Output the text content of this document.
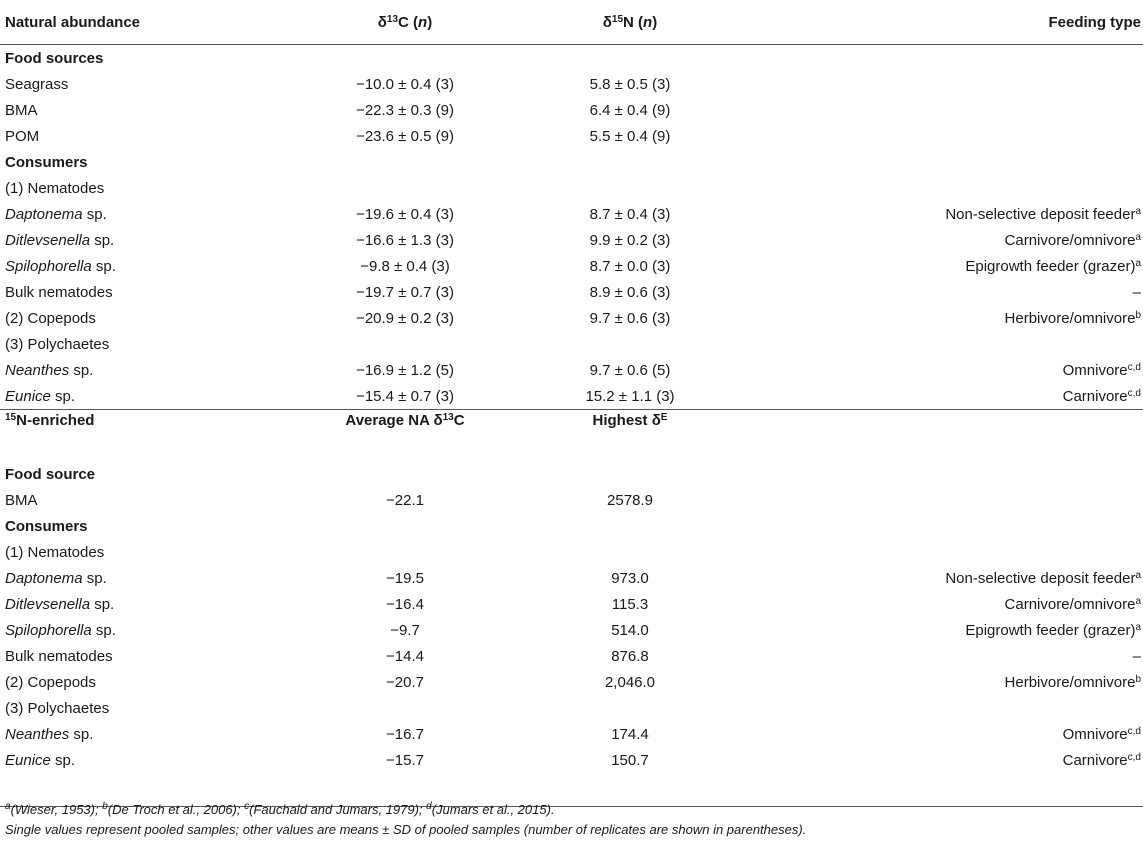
Natural abundance	$\delta^{13}C$ (n)	$\delta^{15}N$ (n)	Feeding type
Food sources			
Seagrass	−10.0 ± 0.4 (3)	5.8 ± 0.5 (3)	
BMA	−22.3 ± 0.3 (9)	6.4 ± 0.4 (9)	
POM	−23.6 ± 0.5 (9)	5.5 ± 0.4 (9)	
Consumers			
(1) Nematodes			
Daptonema sp.	−19.6 ± 0.4 (3)	8.7 ± 0.4 (3)	Non-selective deposit feeder$^a$
Ditlevsenella sp.	−16.6 ± 1.3 (3)	9.9 ± 0.2 (3)	Carnivore/omnivore$^a$
Spilophorella sp.	−9.8 ± 0.4 (3)	8.7 ± 0.0 (3)	Epigrowth feeder (grazer)$^a$
Bulk nematodes	−19.7 ± 0.7 (3)	8.9 ± 0.6 (3)	–
(2) Copepods	−20.9 ± 0.2 (3)	9.7 ± 0.6 (3)	Herbivore/omnivore$^b$
(3) Polychaetes			
Neanthes sp.	−16.9 ± 1.2 (5)	9.7 ± 0.6 (5)	Omnivore$^{c,d}$
Eunice sp.	−15.4 ± 0.7 (3)	15.2 ± 1.1 (3)	Carnivore$^{c,d}$
$^{15}$N-enriched	Average NA $\delta^{13}C$	Highest $\delta^E$	

Food source			
BMA	−22.1	2578.9	
Consumers			
(1) Nematodes			
Daptonema sp.	−19.5	973.0	Non-selective deposit feeder$^a$
Ditlevsenella sp.	−16.4	115.3	Carnivore/omnivore$^a$
Spilophorella sp.	−9.7	514.0	Epigrowth feeder (grazer)$^a$
Bulk nematodes	−14.4	876.8	–
(2) Copepods	−20.7	2,046.0	Herbivore/omnivore$^b$
(3) Polychaetes			
Neanthes sp.	−16.7	174.4	Omnivore$^{c,d}$
Eunice sp.	−15.7	150.7	Carnivore$^{c,d}$

$^a$(Wieser, 1953); $^b$(De Troch et al., 2006); $^c$(Fauchald and Jumars, 1979); $^d$(Jumars et al., 2015).
Single values represent pooled samples; other values are means ± SD of pooled samples (number of replicates are shown in parentheses).
